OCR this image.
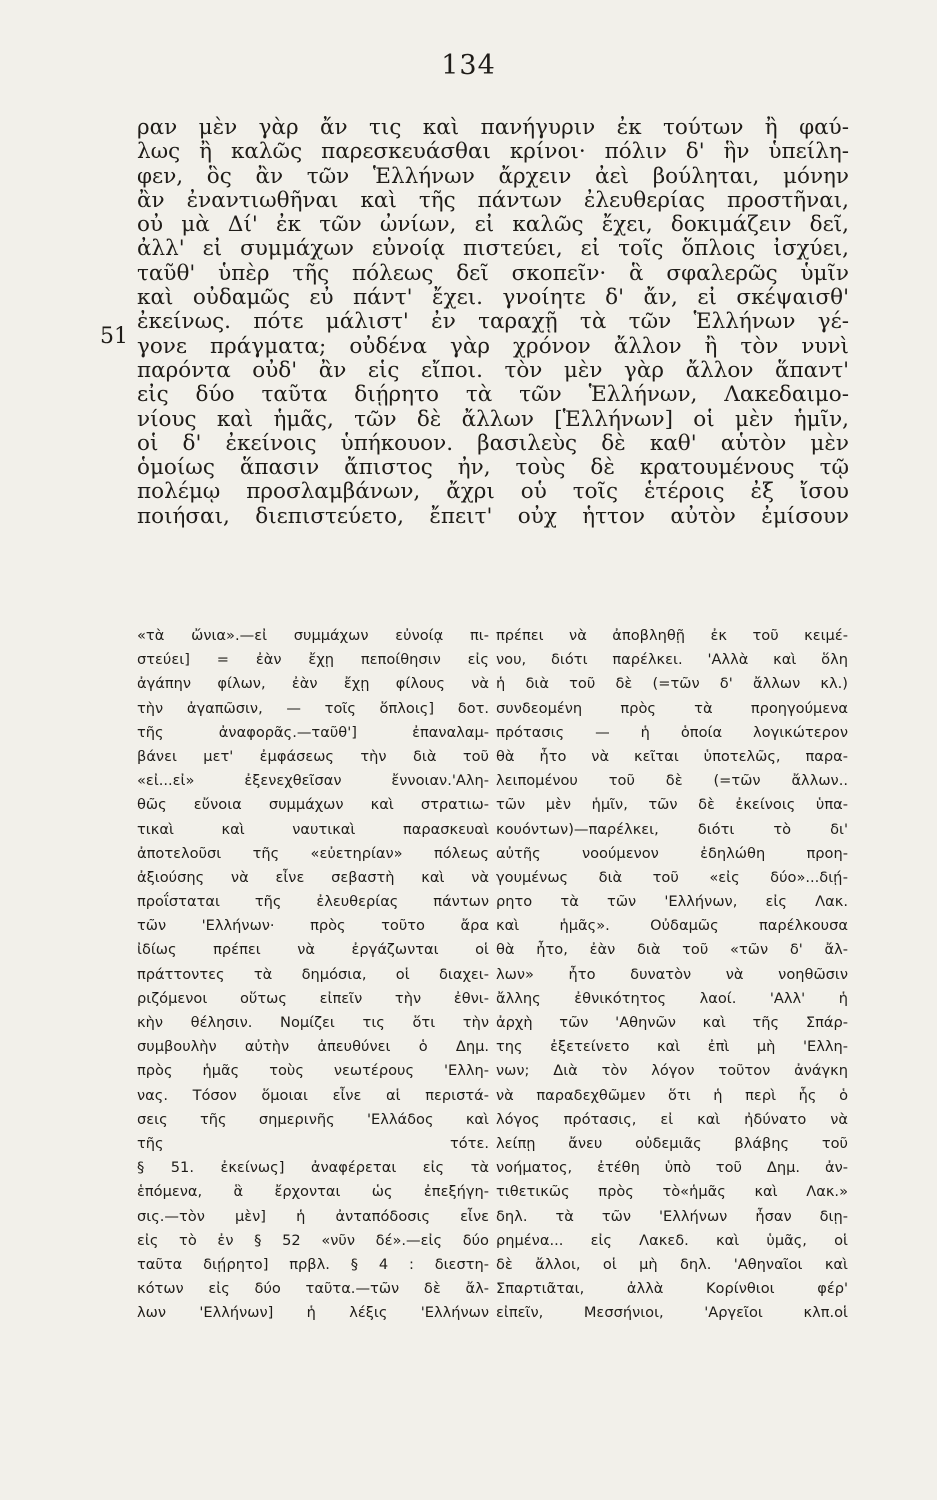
134
51
ραν μὲν γὰρ ἄν τις καὶ πανήγυριν ἐκ τούτων ἢ φαύ-
λως ἢ καλῶς παρεσκευάσθαι κρίνοι· πόλιν δ' ἣν ὑπείλη-
φεν, ὃς ἂν τῶν Ἑλλήνων ἄρχειν ἀεὶ βούληται, μόνην
ἂν ἐναντιωθῆναι καὶ τῆς πάντων ἐλευθερίας προστῆναι,
οὐ μὰ Δί' ἐκ τῶν ὠνίων, εἰ καλῶς ἔχει, δοκιμάζειν δεῖ,
ἀλλ' εἰ συμμάχων εὐνοίᾳ πιστεύει, εἰ τοῖς ὅπλοις ἰσχύει,
ταῦθ' ὑπὲρ τῆς πόλεως δεῖ σκοπεῖν· ἃ σφαλερῶς ὑμῖν
καὶ οὐδαμῶς εὖ πάντ' ἔχει. γνοίητε δ' ἄν, εἰ σκέψαισθ'
ἐκείνως. πότε μάλιστ' ἐν ταραχῇ τὰ τῶν Ἑλλήνων γέ-
γονε πράγματα; οὐδένα γὰρ χρόνον ἄλλον ἢ τὸν νυνὶ
παρόντα οὐδ' ἂν εἷς εἴποι. τὸν μὲν γὰρ ἄλλον ἅπαντ'
εἰς δύο ταῦτα διῄρητο τὰ τῶν Ἑλλήνων, Λακεδαιμο-
νίους καὶ ἡμᾶς, τῶν δὲ ἄλλων [Ἑλλήνων] οἱ μὲν ἡμῖν,
οἱ δ' ἐκείνοις ὑπήκουον. βασιλεὺς δὲ καθ' αὑτὸν μὲν
ὁμοίως ἅπασιν ἄπιστος ἦν, τοὺς δὲ κρατουμένους τῷ
πολέμῳ προσλαμβάνων, ἄχρι οὗ τοῖς ἑτέροις ἐξ ἴσου
ποιήσαι, διεπιστεύετο, ἔπειτ' οὐχ ἧττον αὐτὸν ἐμίσουν
«τὰ ὤνια».—εἰ συμμάχων εὐνοίᾳ πι-
στεύει] = ἐὰν ἔχῃ πεποίθησιν εἰς
ἀγάπην φίλων, ἐὰν ἔχῃ φίλους νὰ
τὴν ἀγαπῶσιν, — τοῖς ὅπλοις] δοτ.
τῆς ἀναφορᾶς.—ταῦθ'] ἐπαναλαμ-
βάνει μετ' ἐμφάσεως τὴν διὰ τοῦ
«εἰ...εἰ» ἐξενεχθεῖσαν ἔννοιαν.'Αλη-
θῶς εὔνοια συμμάχων καὶ στρατιω-
τικαὶ καὶ ναυτικαὶ παρασκευαὶ
ἀποτελοῦσι τῆς «εὐετηρίαν» πόλεως
ἀξιούσης νὰ εἶνε σεβαστὴ καὶ νὰ
προΐσταται τῆς ἐλευθερίας πάντων
τῶν 'Ελλήνων· πρὸς τοῦτο ἄρα
ἰδίως πρέπει νὰ ἐργάζωνται οἱ
πράττοντες τὰ δημόσια, οἱ διαχει-
ριζόμενοι οὕτως εἰπεῖν τὴν ἐθνι-
κὴν θέλησιν. Νομίζει τις ὅτι τὴν
συμβουλὴν αὐτὴν ἀπευθύνει ὁ Δημ.
πρὸς ἡμᾶς τοὺς νεωτέρους 'Ελλη-
νας. Τόσον ὅμοιαι εἶνε αἱ περιστά-
σεις τῆς σημερινῆς 'Ελλάδος καὶ
τῆς τότε.
§ 51. ἐκείνως] ἀναφέρεται εἰς τὰ
ἑπόμενα, ἃ ἔρχονται ὡς ἐπεξήγη-
σις.—τὸν μὲν] ἡ ἀνταπόδοσις εἶνε
εἰς τὸ ἐν § 52 «νῦν δέ».—εἰς δύο
ταῦτα διῄρητο] πρβλ. § 4 : διεστη-
κότων εἰς δύο ταῦτα.—τῶν δὲ ἄλ-
λων 'Ελλήνων] ἡ λέξις 'Ελλήνων
πρέπει νὰ ἀποβληθῇ ἐκ τοῦ κειμέ-
νου, διότι παρέλκει. 'Αλλὰ καὶ ὅλη
ἡ διὰ τοῦ δὲ (=τῶν δ' ἄλλων κλ.)
συνδεομένη πρὸς τὰ προηγούμενα
πρότασις — ἡ ὁποία λογικώτερον
θὰ ἦτο νὰ κεῖται ὑποτελῶς, παρα-
λειπομένου τοῦ δὲ (=τῶν ἄλλων..
τῶν μὲν ἡμῖν, τῶν δὲ ἐκείνοις ὑπα-
κουόντων)—παρέλκει, διότι τὸ δι'
αὐτῆς νοούμενον ἐδηλώθη προη-
γουμένως διὰ τοῦ «εἰς δύο»...διῄ-
ρητο τὰ τῶν 'Ελλήνων, εἰς Λακ.
καὶ ἡμᾶς». Οὐδαμῶς παρέλκουσα
θὰ ἦτο, ἐὰν διὰ τοῦ «τῶν δ' ἄλ-
λων» ἦτο δυνατὸν νὰ νοηθῶσιν
ἄλλης ἐθνικότητος λαοί. 'Αλλ' ἡ
ἀρχὴ τῶν 'Αθηνῶν καὶ τῆς Σπάρ-
της ἐξετείνετο καὶ ἐπὶ μὴ 'Ελλη-
νων; Διὰ τὸν λόγον τοῦτον ἀνάγκη
νὰ παραδεχθῶμεν ὅτι ἡ περὶ ἧς ὁ
λόγος πρότασις, εἰ καὶ ἠδύνατο νὰ
λείπῃ ἄνευ οὐδεμιᾶς βλάβης τοῦ
νοήματος, ἐτέθη ὑπὸ τοῦ Δημ. ἀν-
τιθετικῶς πρὸς τὸ«ἡμᾶς καὶ Λακ.»
δηλ. τὰ τῶν 'Ελλήνων ἦσαν διῃ-
ρημένα... εἰς Λακεδ. καὶ ὑμᾶς, οἱ
δὲ ἄλλοι, οἱ μὴ δηλ. 'Αθηναῖοι καὶ
Σπαρτιᾶται, ἀλλὰ Κορίνθιοι φέρ'
εἰπεῖν, Μεσσήνιοι, 'Αργεῖοι κλπ.οἱ
